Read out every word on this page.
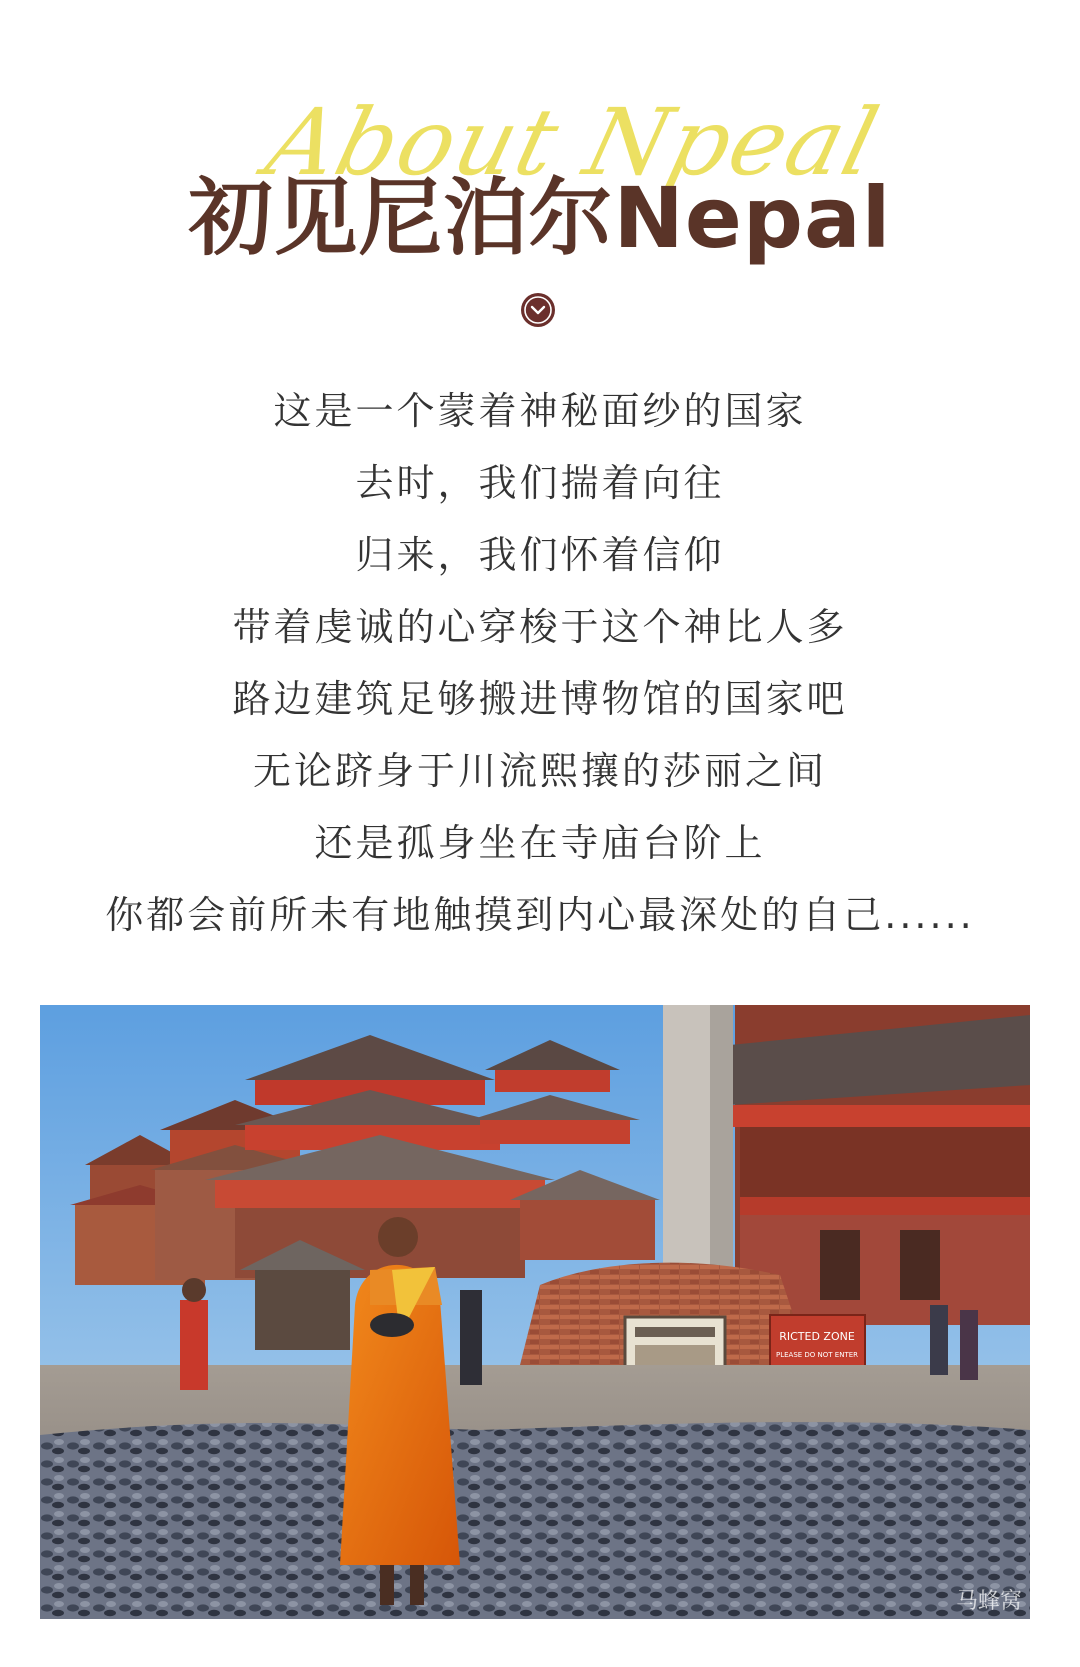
About Npeal
初见尼泊尔Nepal
这是一个蒙着神秘面纱的国家
去时，我们揣着向往
归来，我们怀着信仰
带着虔诚的心穿梭于这个神比人多
路边建筑足够搬进博物馆的国家吧
无论跻身于川流熙攘的莎丽之间
还是孤身坐在寺庙台阶上
你都会前所未有地触摸到内心最深处的自己......
RICTED ZONE
PLEASE DO NOT ENTER
马蜂窝
